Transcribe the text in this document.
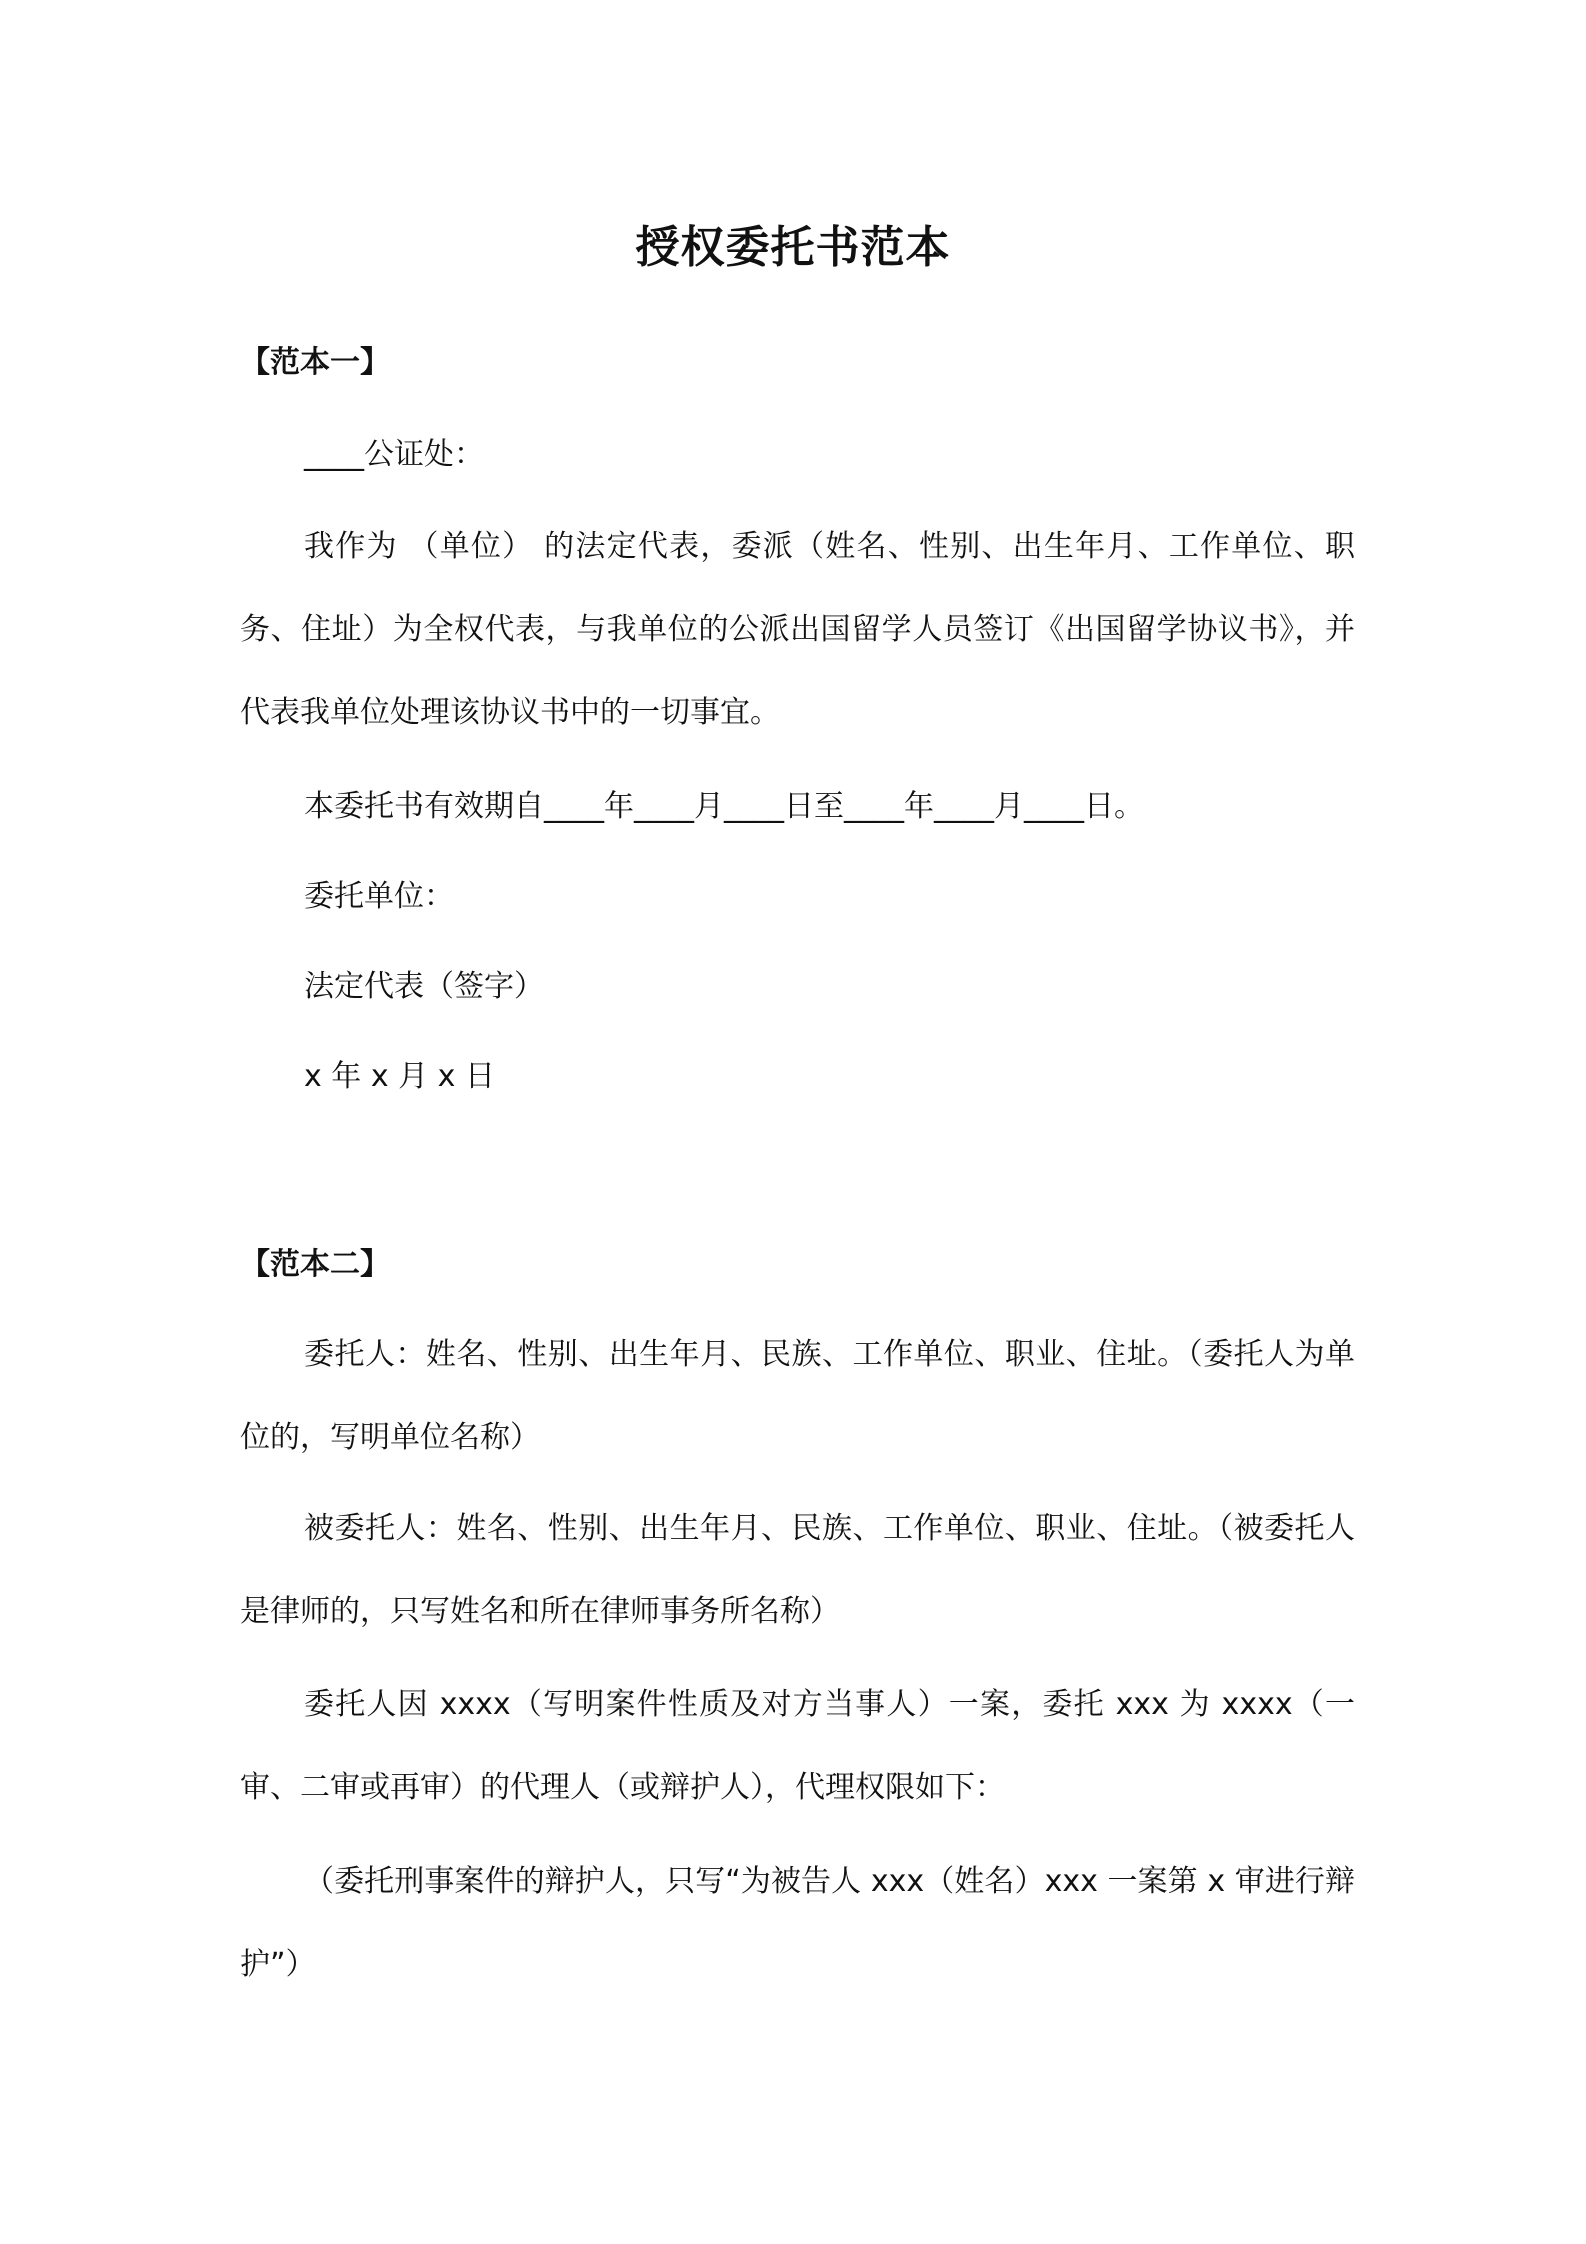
授权委托书范本
【范本一】
____公证处：

我作为 （单位） 的法定代表，委派（姓名、性别、出生年月、工作单位、职务、住址）为全权代表，与我单位的公派出国留学人员签订《出国留学协议书》，并代表我单位处理该协议书中的一切事宜。

本委托书有效期自____年____月____日至____年____月____日。
委托单位：
法定代表（签字）
x 年 x 月 x 日
【范本二】

委托人：姓名、性别、出生年月、民族、工作单位、职业、住址。（委托人为单位的，写明单位名称）

被委托人：姓名、性别、出生年月、民族、工作单位、职业、住址。（被委托人是律师的，只写姓名和所在律师事务所名称）

委托人因 xxxx（写明案件性质及对方当事人）一案，委托 xxx 为 xxxx（一审、二审或再审）的代理人（或辩护人），代理权限如下：

（委托刑事案件的辩护人，只写“为被告人 xxx（姓名）xxx 一案第 x 审进行辩护”）
